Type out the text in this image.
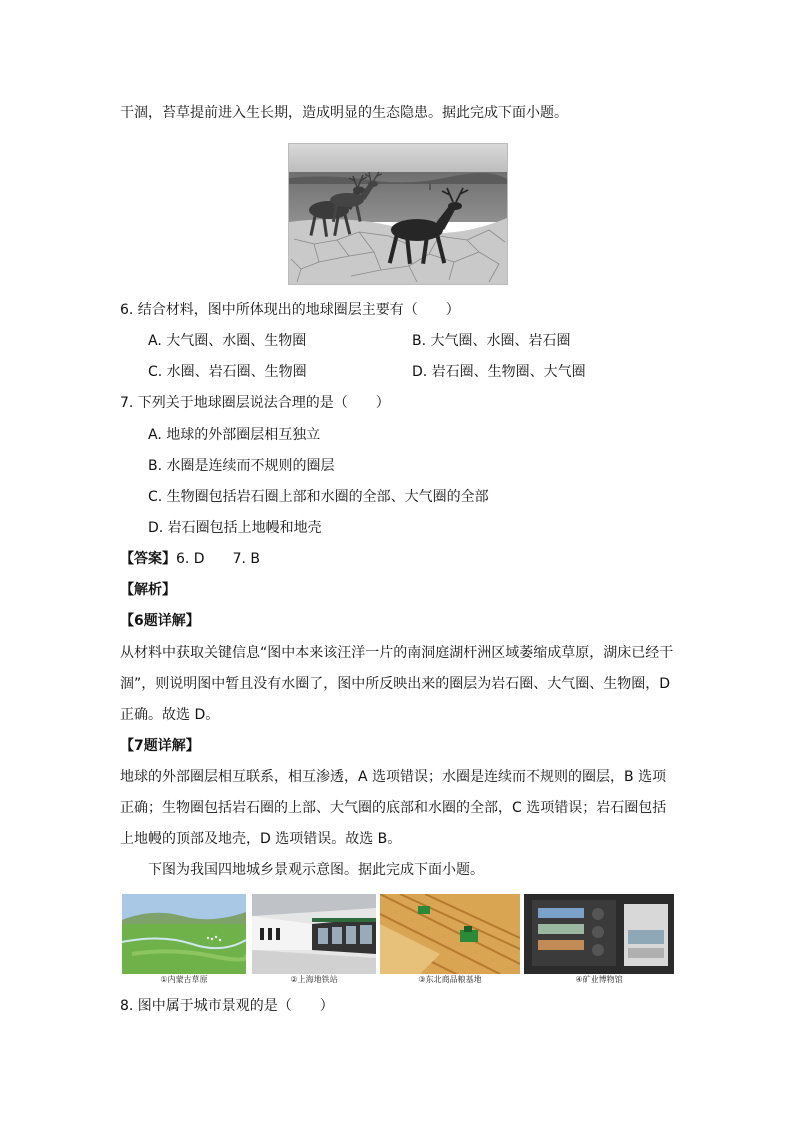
干涸，苔草提前进入生长期，造成明显的生态隐患。据此完成下面小题。
6. 结合材料，图中所体现出的地球圈层主要有（　　）
A. 大气圈、水圈、生物圈	B. 大气圈、水圈、岩石圈
C. 水圈、岩石圈、生物圈	D. 岩石圈、生物圈、大气圈
7. 下列关于地球圈层说法合理的是（　　）
A. 地球的外部圈层相互独立
B. 水圈是连续而不规则的圈层
C. 生物圈包括岩石圈上部和水圈的全部、大气圈的全部
D. 岩石圈包括上地幔和地壳
【答案】6. D　　7. B
【解析】
【6题详解】
从材料中获取关键信息“图中本来该汪洋一片的南洞庭湖杆洲区域萎缩成草原，湖床已经干
涸”，则说明图中暂且没有水圈了，图中所反映出来的圈层为岩石圈、大气圈、生物圈，D
正确。故选 D。
【7题详解】
地球的外部圈层相互联系，相互渗透，A 选项错误；水圈是连续而不规则的圈层，B 选项
正确；生物圈包括岩石圈的上部、大气圈的底部和水圈的全部，C 选项错误；岩石圈包括
上地幔的顶部及地壳，D 选项错误。故选 B。
下图为我国四地城乡景观示意图。据此完成下面小题。
①内蒙古草原	②上海地铁站	③东北商品粮基地	④矿业博物馆
8. 图中属于城市景观的是（　　）
